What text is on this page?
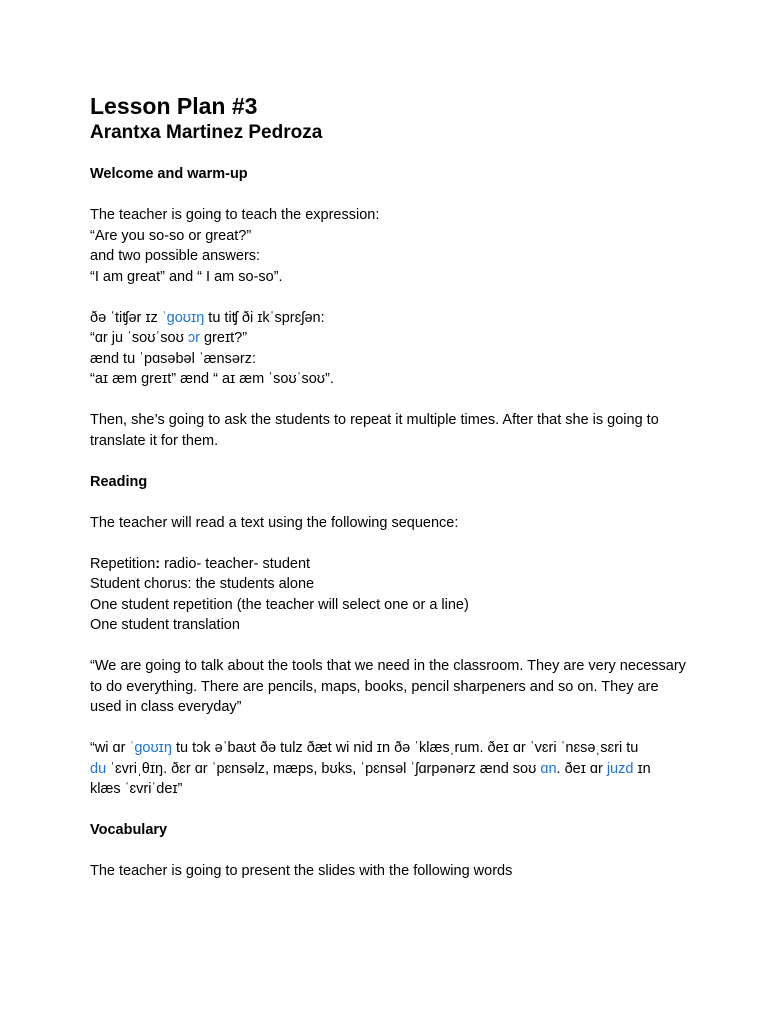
Lesson Plan #3
Arantxa Martinez Pedroza
Welcome and warm-up
The teacher is going to teach the expression:
“Are you so-so or great?”
and two possible answers:
“I am great” and “ I am so-so”.
ðə ˈtiʧər ɪz ˈgoʊɪŋ tu tiʧ ði ɪkˈsprɛʃən:
“ɑr ju ˈsoʊˈsoʊ ɔr greɪt?”
ænd tu ˈpɑsəbəl ˈænsərz:
“aɪ æm greɪt” ænd “ aɪ æm ˈsoʊˈsoʊ”.

Then, she’s going to ask the students to repeat it multiple times. After that she is going to translate it for them.

Reading

The teacher will read a text using the following sequence:

Repetition: radio- teacher- student
Student chorus: the students alone
One student repetition (the teacher will select one or a line)
One student translation

“We are going to talk about the tools that we need in the classroom. They are very necessary to do everything. There are pencils, maps, books, pencil sharpeners and so on. They are used in class everyday”

“wi ɑr ˈgoʊɪŋ tu tɔk əˈbaʊt ðə tulz ðæt wi nid ɪn ðə ˈklæsˌrum. ðeɪ ɑr ˈvɛri ˈnɛsəˌsɛri tu
du ˈɛvriˌθɪŋ. ðɛr ɑr ˈpɛnsəlz, mæps, bʊks, ˈpɛnsəl ˈʃɑrpənərz ænd soʊ ɑn. ðeɪ ɑr juzd ɪn
klæs ˈɛvriˈdeɪ”
Vocabulary

The teacher is going to present the slides with the following words
